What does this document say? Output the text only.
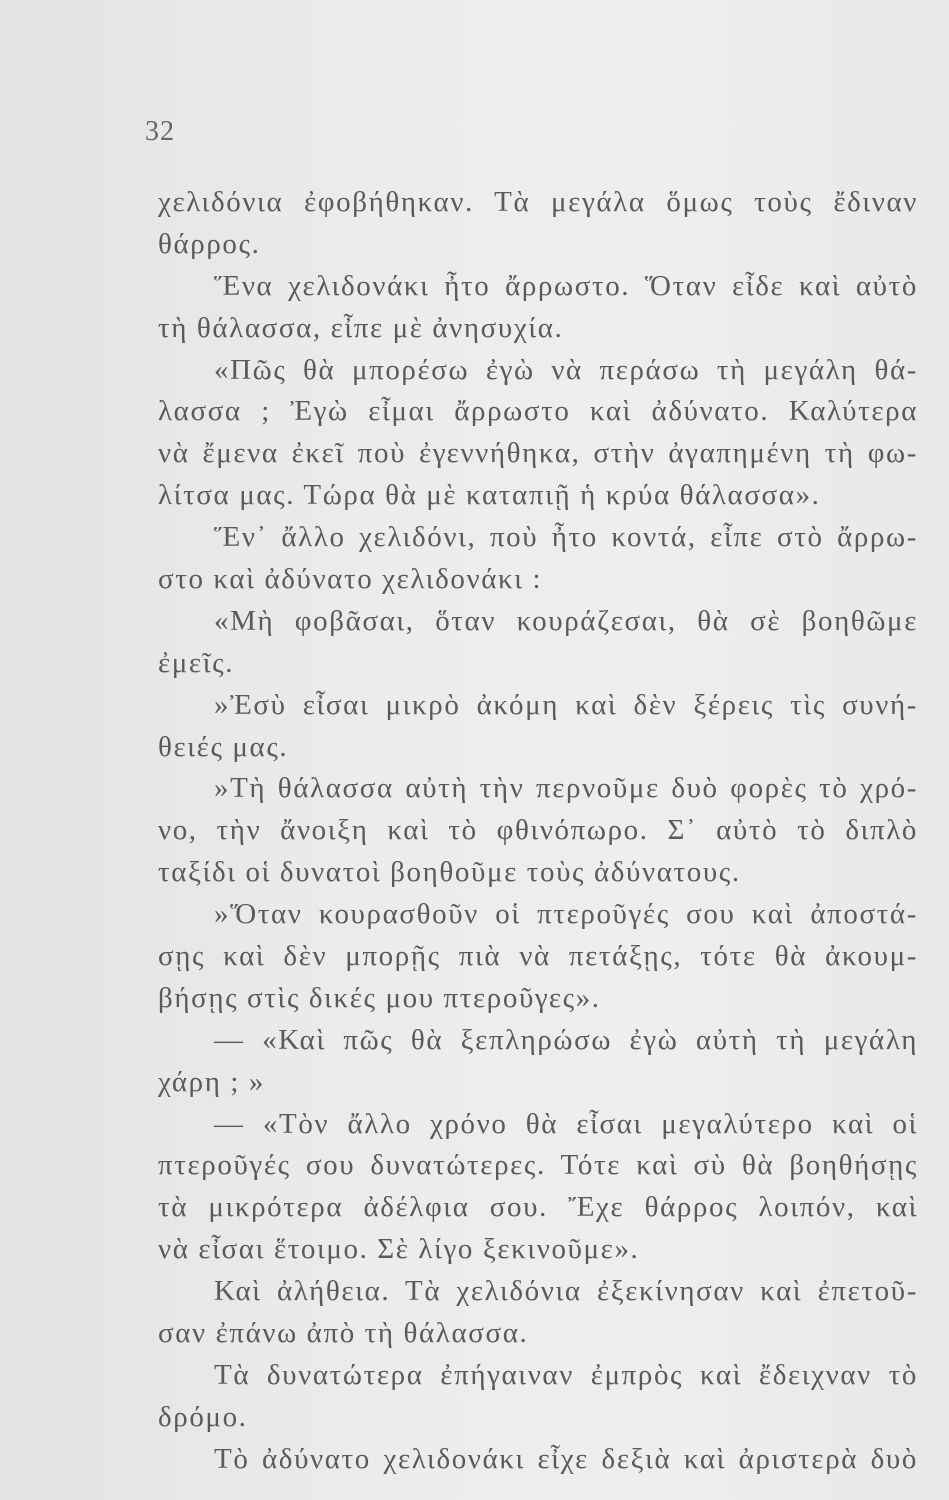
32
χελιδόνια ἐφοβήθηκαν. Τὰ μεγάλα ὅμως τοὺς ἔδιναν
θάρρος.
Ἕνα χελιδονάκι ἦτο ἄρρωστο. Ὅταν εἶδε καὶ αὐτὸ
τὴ θάλασσα, εἶπε μὲ ἀνησυχία.
«Πῶς θὰ μπορέσω ἐγὼ νὰ περάσω τὴ μεγάλη θά-
λασσα ; Ἐγὼ εἶμαι ἄρρωστο καὶ ἀδύνατο. Καλύτερα
νὰ ἔμενα ἐκεῖ ποὺ ἐγεννήθηκα, στὴν ἀγαπημένη τὴ φω-
λίτσα μας. Τώρα θὰ μὲ καταπιῇ ἡ κρύα θάλασσα».
Ἕν᾽ ἄλλο χελιδόνι, ποὺ ἦτο κοντά, εἶπε στὸ ἄρρω-
στο καὶ ἀδύνατο χελιδονάκι :
«Μὴ φοβᾶσαι, ὅταν κουράζεσαι, θὰ σὲ βοηθῶμε
ἐμεῖς.
»Ἐσὺ εἶσαι μικρὸ ἀκόμη καὶ δὲν ξέρεις τὶς συνή-
θειές μας.
»Τὴ θάλασσα αὐτὴ τὴν περνοῦμε δυὸ φορὲς τὸ χρό-
νο, τὴν ἄνοιξη καὶ τὸ φθινόπωρο. Σ᾽ αὐτὸ τὸ διπλὸ
ταξίδι οἱ δυνατοὶ βοηθοῦμε τοὺς ἀδύνατους.
»Ὅταν κουρασθοῦν οἱ πτεροῦγές σου καὶ ἀποστά-
σῃς καὶ δὲν μπορῇς πιὰ νὰ πετάξῃς, τότε θὰ ἀκουμ-
βήσῃς στὶς δικές μου πτεροῦγες».
— «Καὶ πῶς θὰ ξεπληρώσω ἐγὼ αὐτὴ τὴ μεγάλη
χάρη ; »
— «Τὸν ἄλλο χρόνο θὰ εἶσαι μεγαλύτερο καὶ οἱ
πτεροῦγές σου δυνατώτερες. Τότε καὶ σὺ θὰ βοηθήσῃς
τὰ μικρότερα ἀδέλφια σου. Ἔχε θάρρος λοιπόν, καὶ
νὰ εἶσαι ἕτοιμο. Σὲ λίγο ξεκινοῦμε».
Καὶ ἀλήθεια. Τὰ χελιδόνια ἐξεκίνησαν καὶ ἐπετοῦ-
σαν ἐπάνω ἀπὸ τὴ θάλασσα.
Τὰ δυνατώτερα ἐπήγαιναν ἐμπρὸς καὶ ἔδειχναν τὸ
δρόμο.
Τὸ ἀδύνατο χελιδονάκι εἶχε δεξιὰ καὶ ἀριστερὰ δυὸ
